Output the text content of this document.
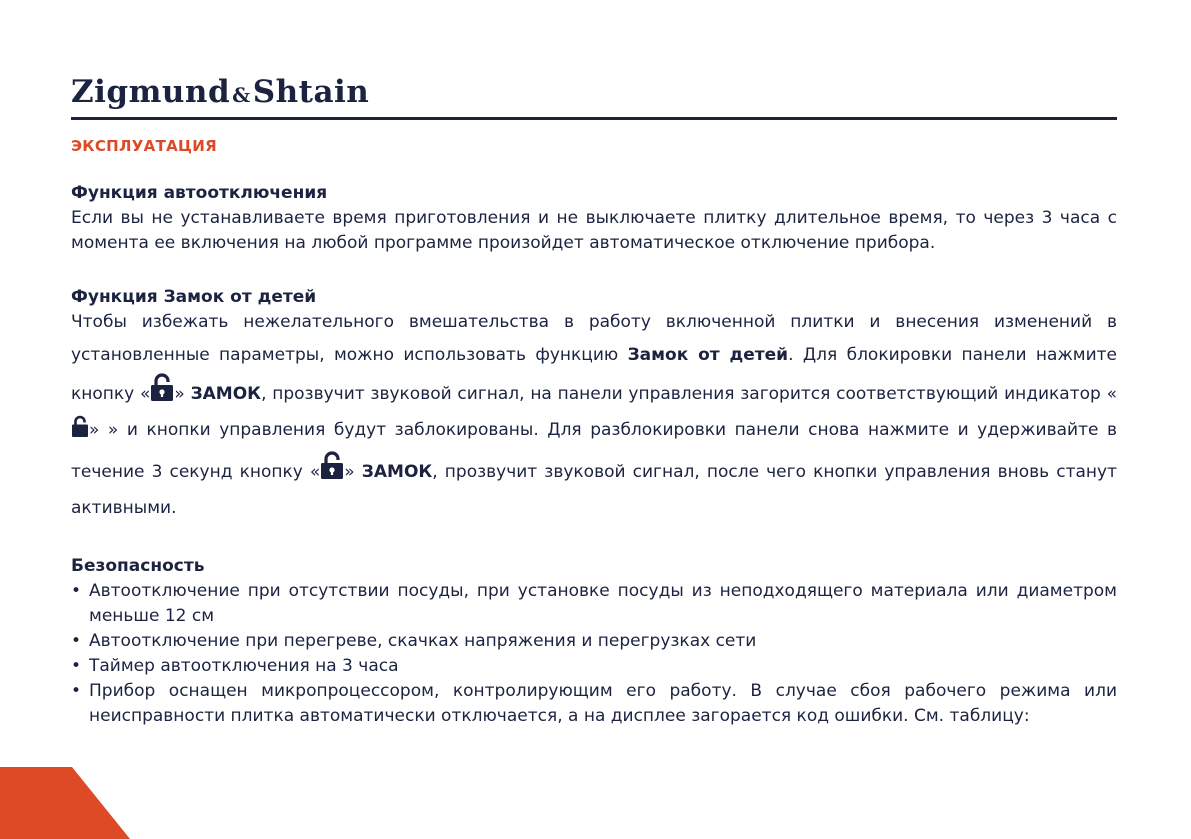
Zigmund &Shtain
ЭКСПЛУАТАЦИЯ
Функция автоотключения

Если вы не устанавливаете время приготовления и не выключаете плитку длительное время, то через 3 часа с момента ее включения на любой программе произойдет автоматическое отключение прибора.

Функция Замок от детей

Чтобы избежать нежелательного вмешательства в работу включенной плитки и внесения изменений в установленные параметры, можно использовать функцию Замок от детей. Для блокировки панели нажмите кнопку « » ЗАМОК, прозвучит звуковой сигнал, на панели управления загорится соответствующий индикатор «» » и кнопки управления будут заблокированы. Для разблокировки панели снова нажмите и удерживайте в течение 3 секунд кнопку « » ЗАМОК, прозвучит звуковой сигнал, после чего кнопки управления вновь станут активными.

Безопасность
• Автоотключение при отсутствии посуды, при установке посуды из неподходящего материала или диаметром меньше 12 см
• Автоотключение при перегреве, скачках напряжения и перегрузках сети
• Таймер автоотключения на 3 часа
• Прибор оснащен микропроцессором, контролирующим его работу. В случае сбоя рабочего режима или неисправности плитка автоматически отключается, а на дисплее загорается код ошибки. См. таблицу:
